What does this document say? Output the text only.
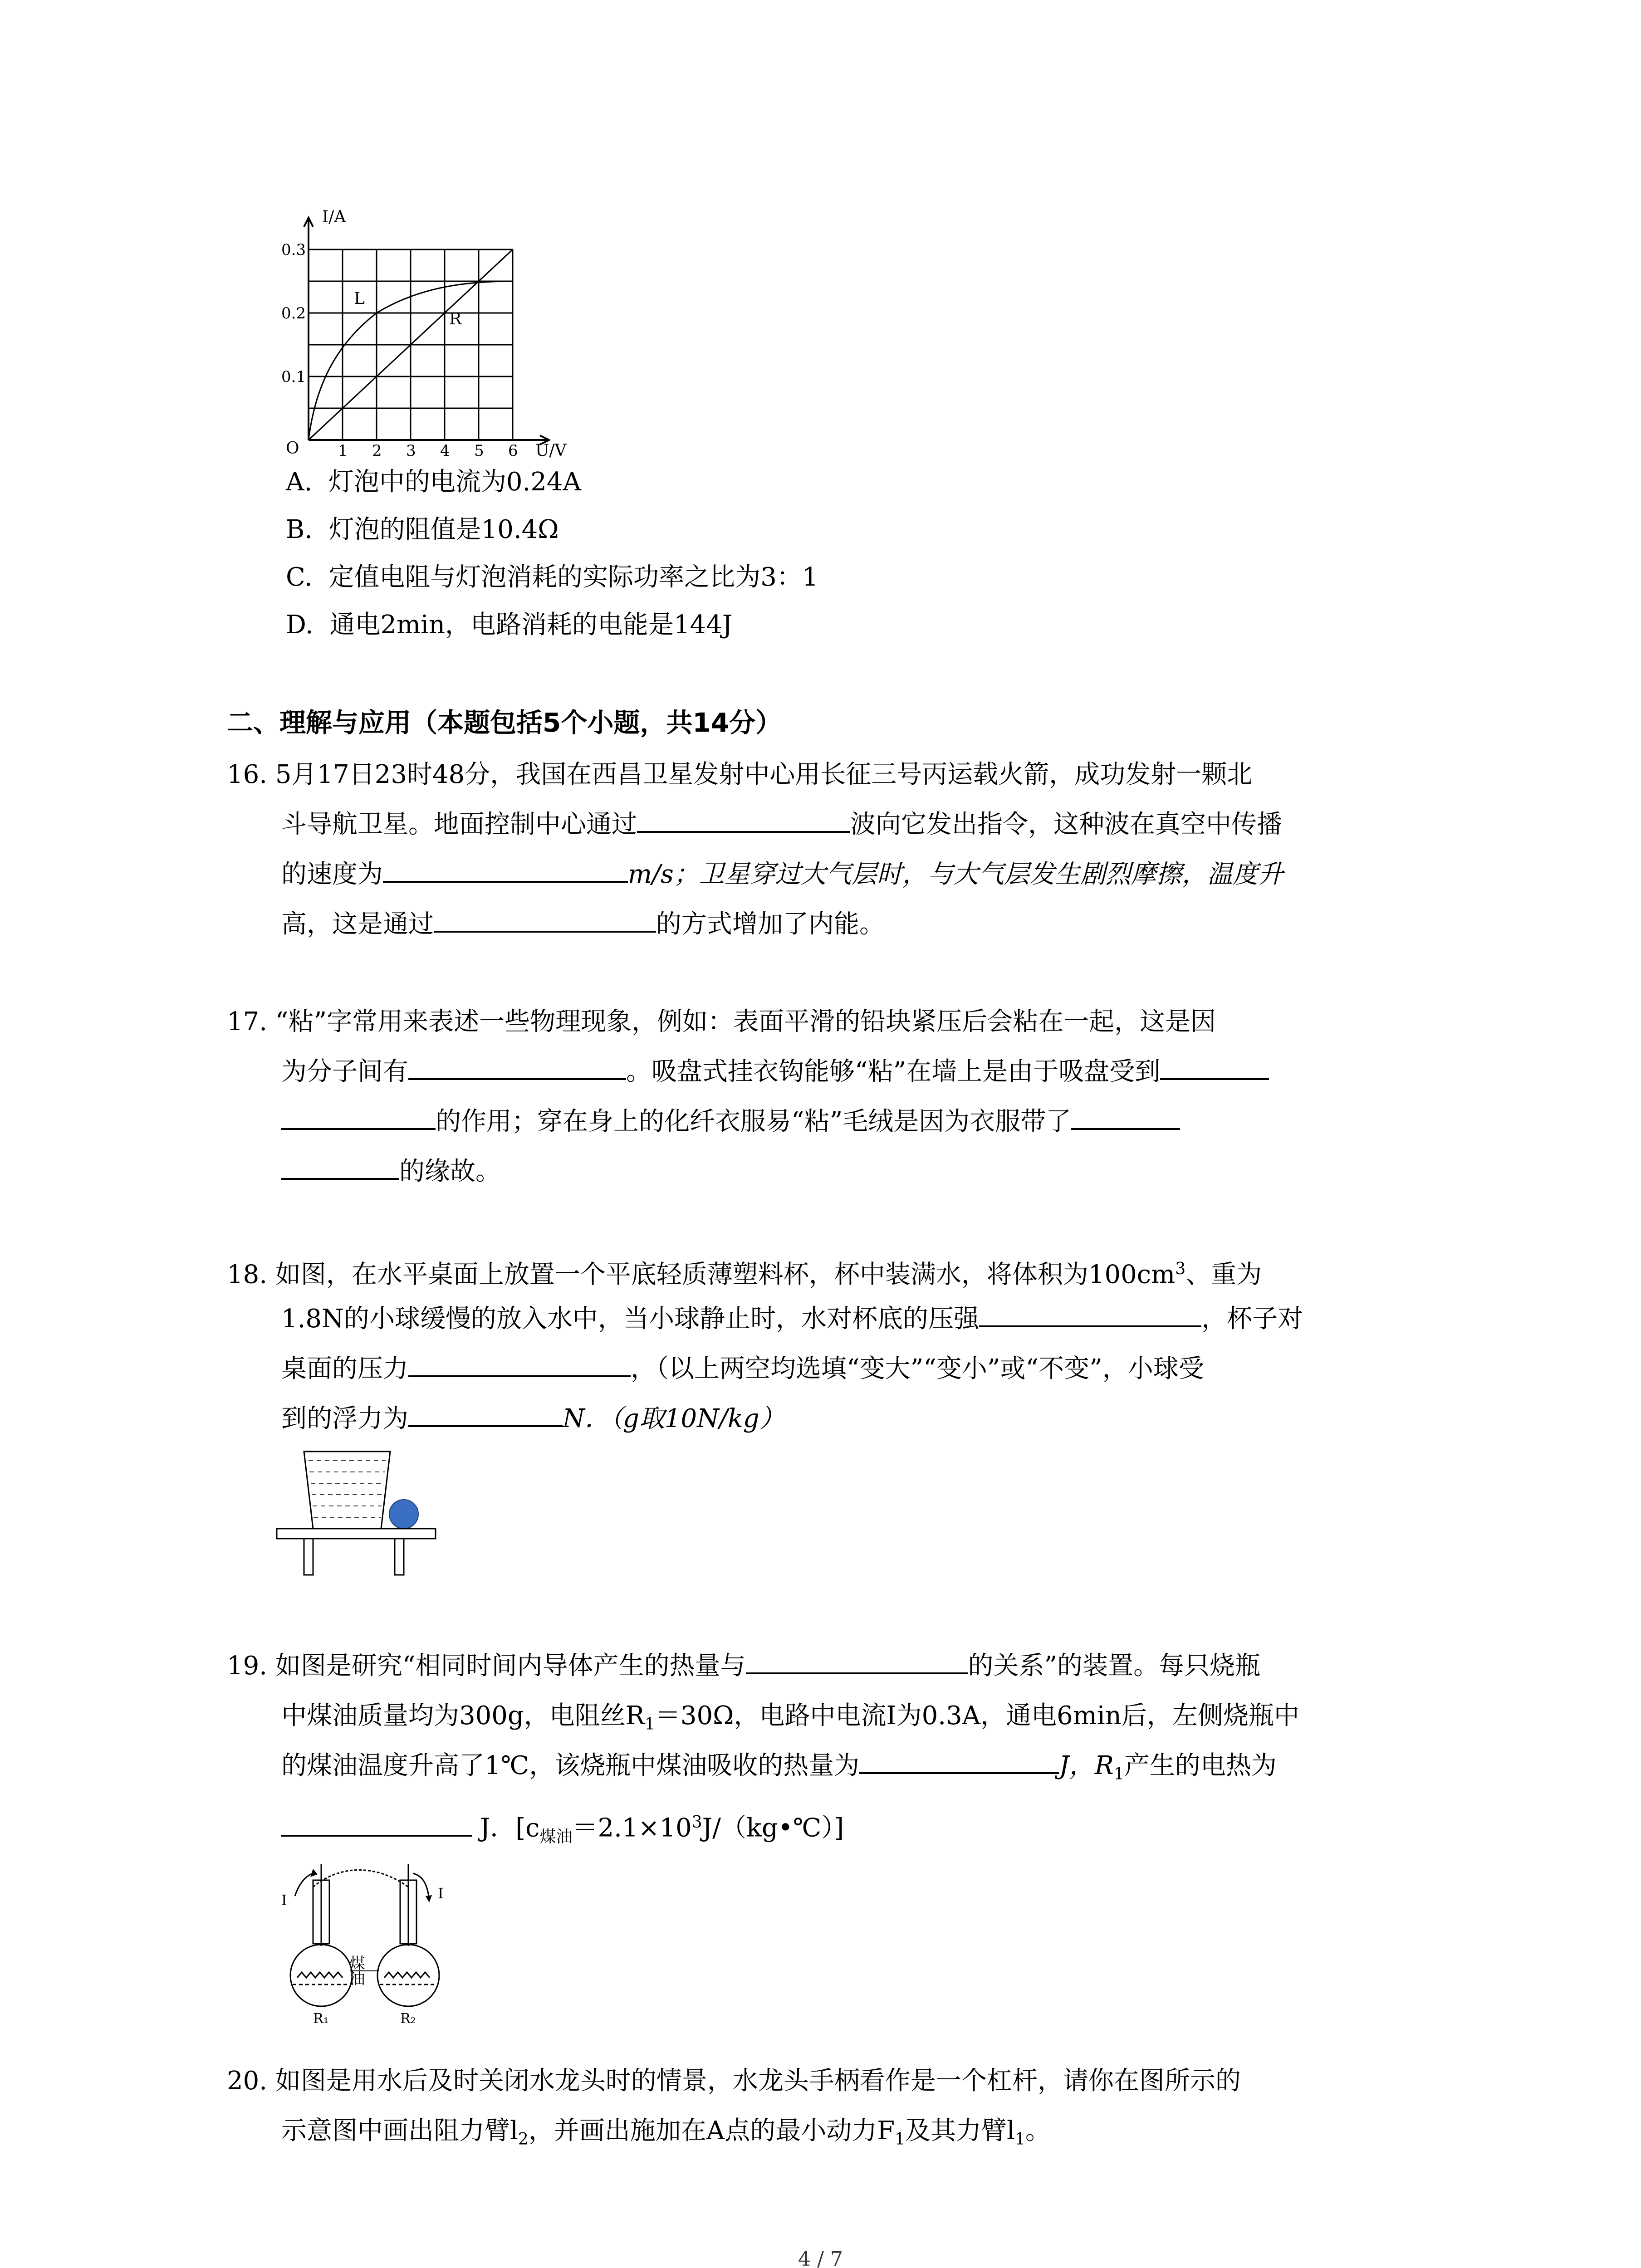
I/A
0.3
0.2
0.1
O	1 2 3 4 5 6 U/V
L
R
A. 灯泡中的电流为0.24A
B. 灯泡的阻值是10.4Ω
C. 定值电阻与灯泡消耗的实际功率之比为3：1
D. 通电2min，电路消耗的电能是144J
二、理解与应用（本题包括5个小题，共14分）
16. 5月17日23时48分，我国在西昌卫星发射中心用长征三号丙运载火箭，成功发射一颗北
斗导航卫星。地面控制中心通过	波向它发出指令，这种波在真空中传播
的速度为	m/s；卫星穿过大气层时，与大气层发生剧烈摩擦，温度升
高，这是通过	的方式增加了内能。
17. “粘”字常用来表述一些物理现象，例如：表面平滑的铅块紧压后会粘在一起，这是因
为分子间有	。吸盘式挂衣钩能够“粘”在墙上是由于吸盘受到
的作用；穿在身上的化纤衣服易“粘”毛绒是因为衣服带了
的缘故。
18. 如图，在水平桌面上放置一个平底轻质薄塑料杯，杯中装满水，将体积为$100cm^3$、重为
1.8N的小球缓慢的放入水中，当小球静止时，水对杯底的压强	，杯子对
桌面的压力	，（以上两空均选填“变大”“变小”或“不变”，小球受
到的浮力为	N．（g取10N/kg）
19. 如图是研究“相同时间内导体产生的热量与	的关系”的装置。每只烧瓶
中煤油质量均为300g，电阻丝$R_1=30\Omega$，电路中电流I为0.3A，通电6min后，左侧烧瓶中
的煤油温度升高了1℃，该烧瓶中煤油吸收的热量为	J，$R_1$产生的电热为
J．$[c_{煤油}=2.1\times 10^3J/(kg•℃)]$
I	I
煤油
R₁	R₂
20. 如图是用水后及时关闭水龙头时的情景，水龙头手柄看作是一个杠杆，请你在图所示的
示意图中画出阻力臂$l_2$，并画出施加在A点的最小动力$F_1$及其力臂$l_1$。
4 / 7
